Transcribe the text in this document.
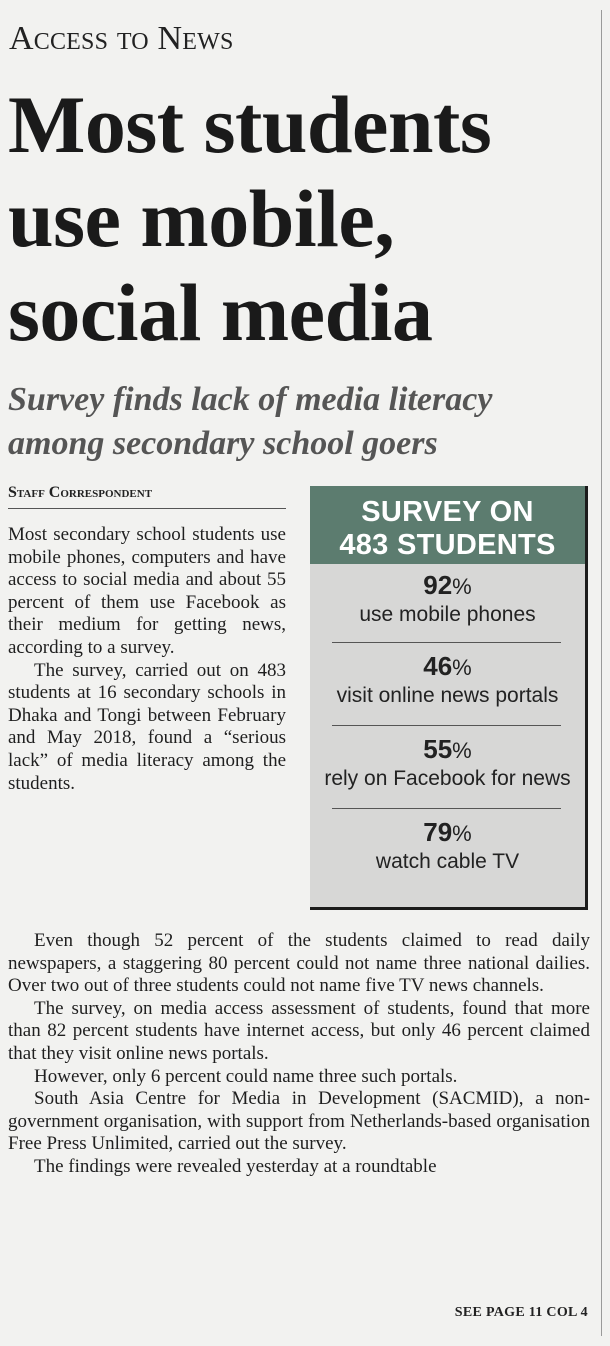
Access to News
Most students
use mobile,
social media
Survey finds lack of media literacy
among secondary school goers
Staff Correspondent

Most secondary school students use mobile phones, computers and have access to social media and about 55 percent of them use Facebook as their medium for getting news, according to a survey.

The survey, carried out on 483 students at 16 secondary schools in Dhaka and Tongi between February and May 2018, found a “serious lack” of media literacy among the students.

SURVEY ON
483 STUDENTS
92%
use mobile phones
46%
visit online news portals
55%
rely on Facebook for news
79%
watch cable TV

Even though 52 percent of the students claimed to read daily newspapers, a staggering 80 percent could not name three national dailies. Over two out of three students could not name five TV news channels.

The survey, on media access assessment of students, found that more than 82 percent students have internet access, but only 46 percent claimed that they visit online news portals.

However, only 6 percent could name three such portals.

South Asia Centre for Media in Development (SACMID), a non-government organisation, with support from Netherlands-based organisation Free Press Unlimited, carried out the survey.

The findings were revealed yesterday at a roundtable

SEE PAGE 11 COL 4
